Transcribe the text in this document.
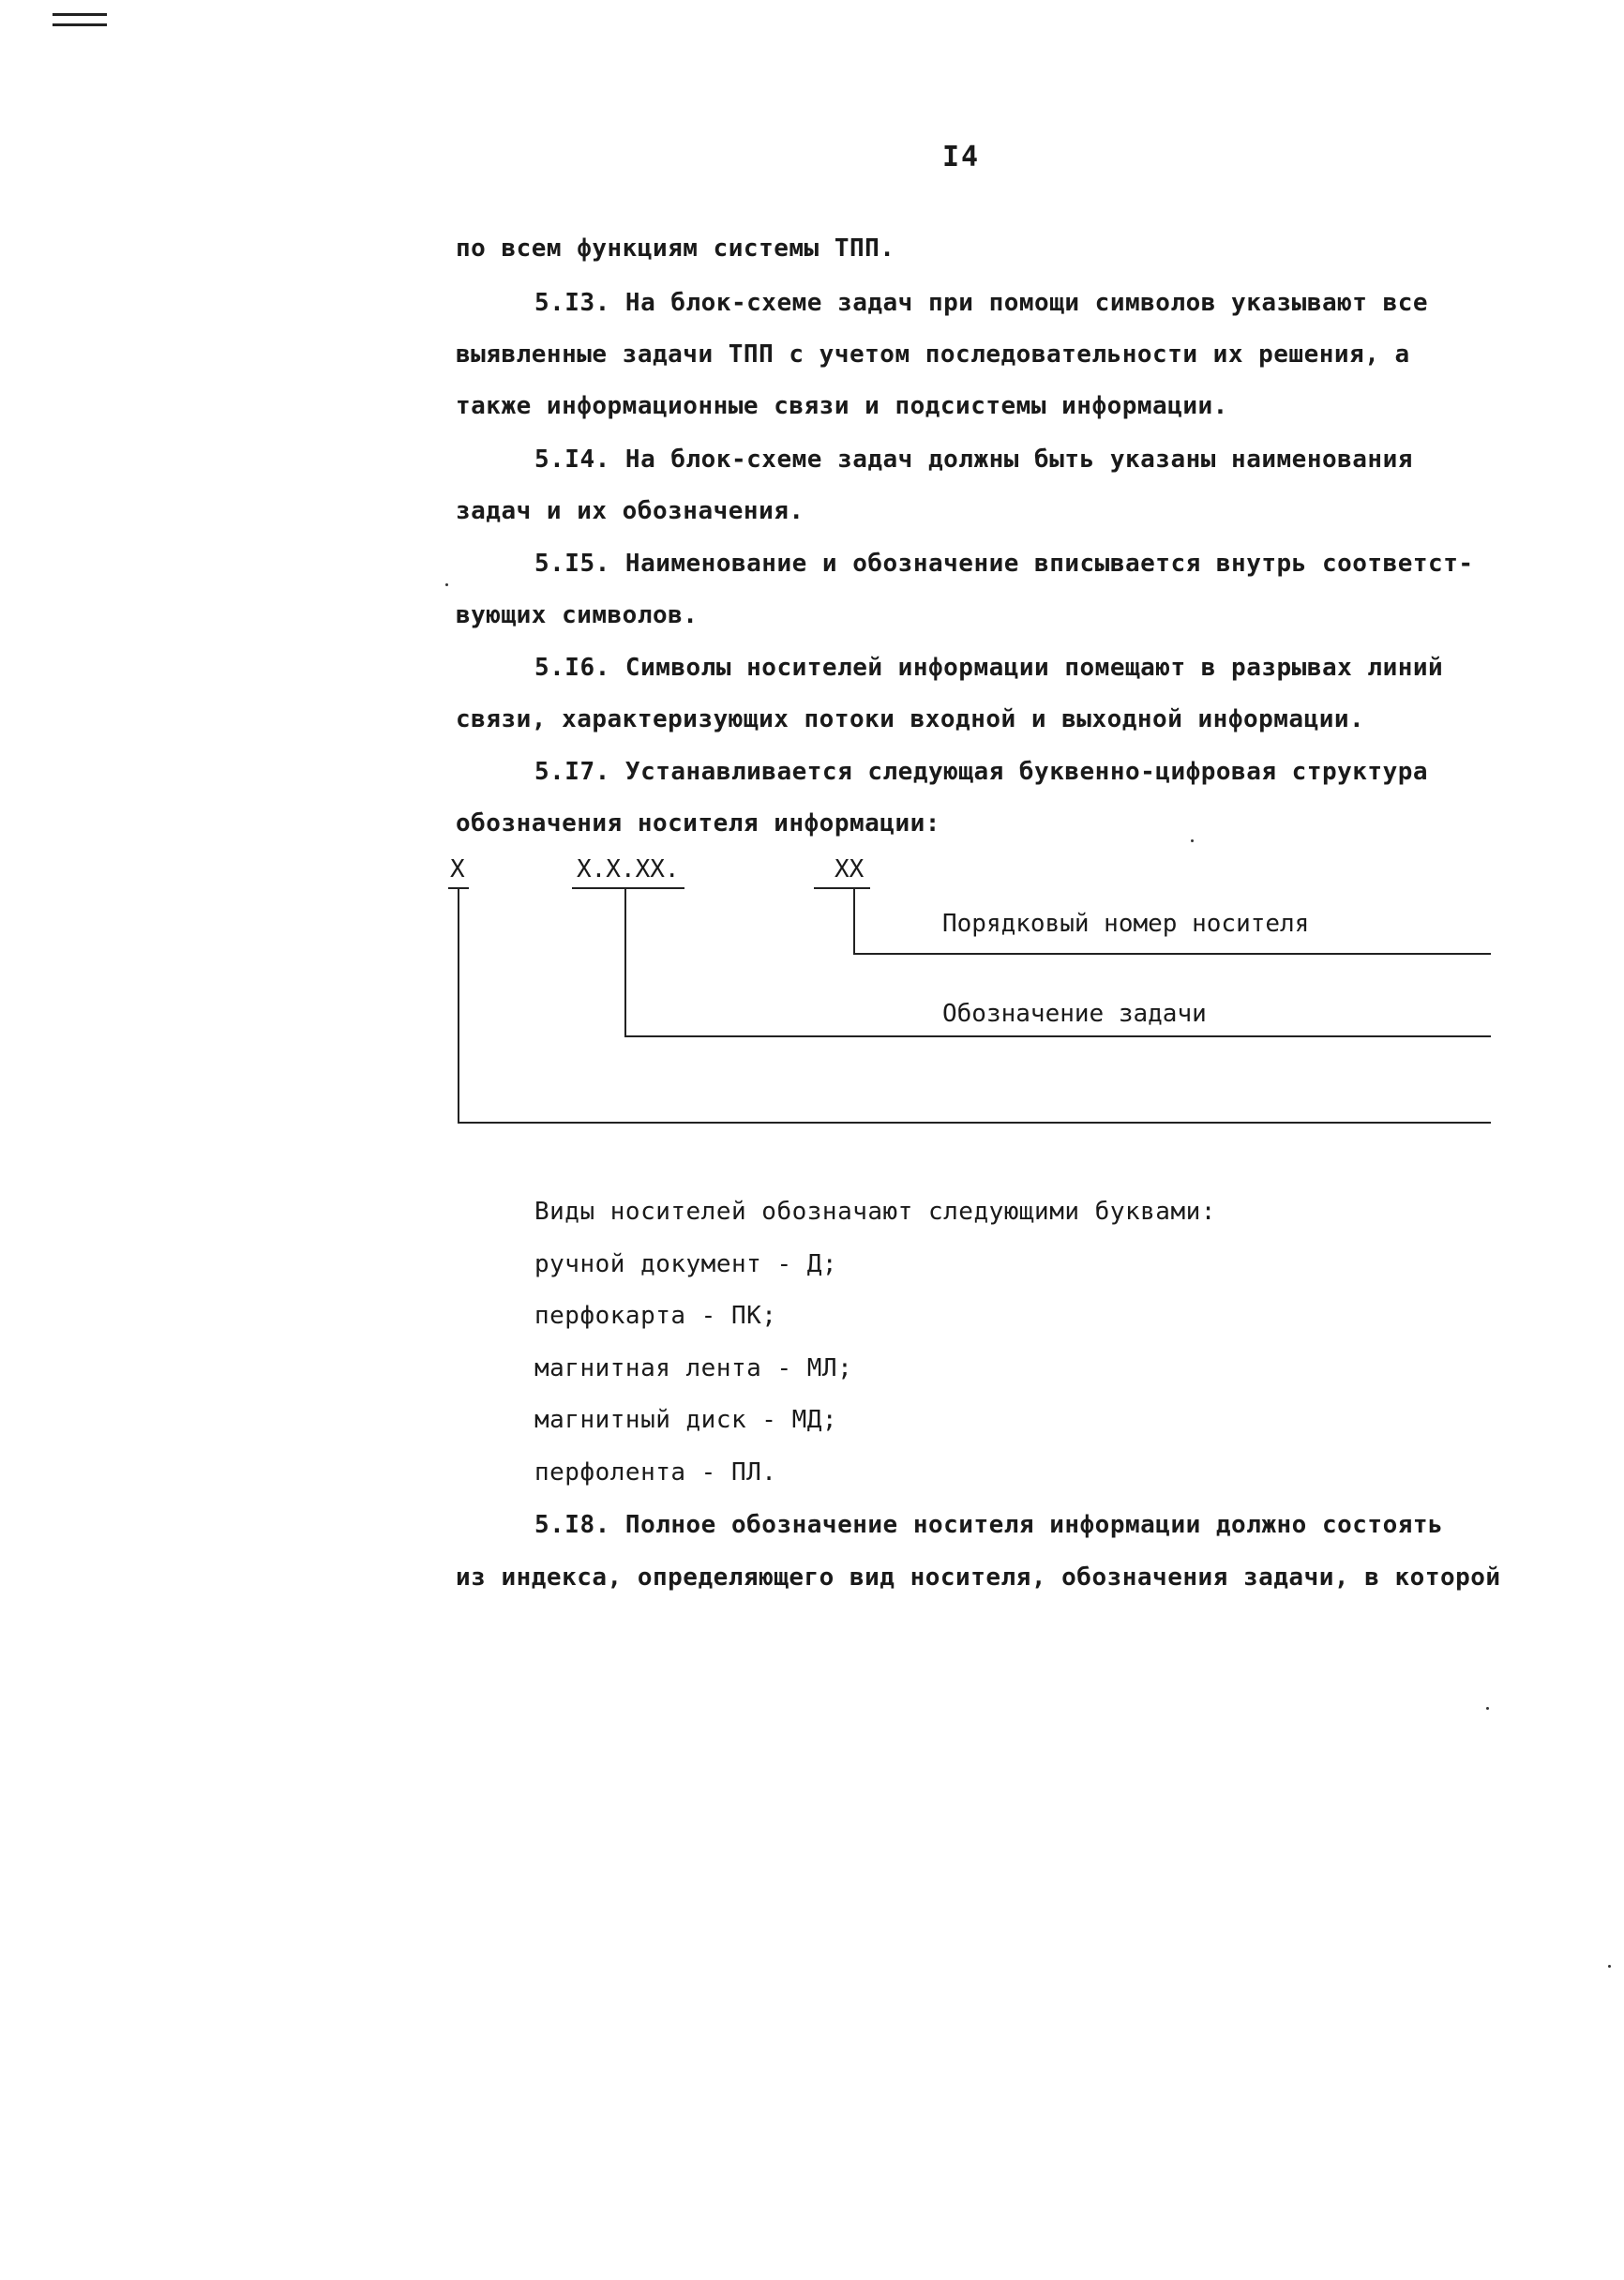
I4
по всем функциям системы ТПП.
5.I3. На блок-схеме задач при помощи символов указывают все
выявленные задачи ТПП с учетом последовательности их решения, а
также информационные связи и подсистемы информации.
5.I4. На блок-схеме задач должны быть указаны наименования
задач и их обозначения.
5.I5. Наименование и обозначение вписывается внутрь соответст-
вующих символов.
5.I6. Символы носителей информации помещают в разрывах линий
связи, характеризующих потоки входной и выходной информации.
5.I7. Устанавливается следующая буквенно-цифровая структура
обозначения носителя информации:
X	X.X.XX.	XX
Порядковый номер носителя
Обозначение задачи
Виды носителей обозначают следующими буквами:
ручной документ - Д;
перфокарта - ПК;
магнитная лента - МЛ;
магнитный диск - МД;
перфолента - ПЛ.
5.I8. Полное обозначение носителя информации должно состоять
из индекса, определяющего вид носителя, обозначения задачи, в которой
